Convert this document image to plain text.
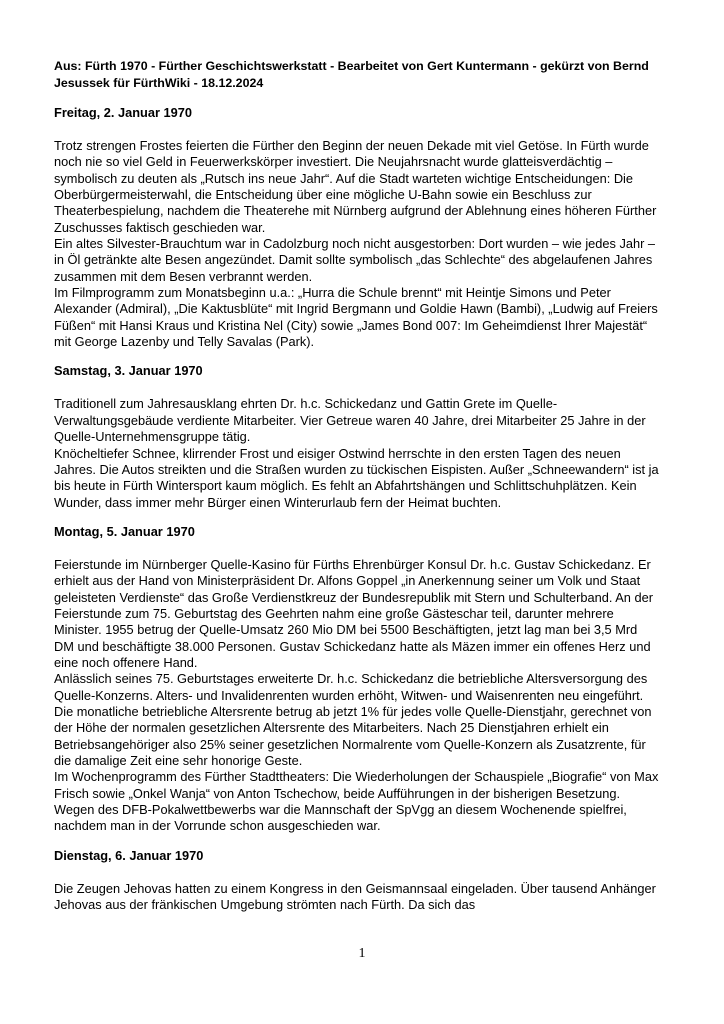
Aus: Fürth 1970 - Fürther Geschichtswerkstatt - Bearbeitet von Gert Kuntermann - gekürzt von Bernd Jesussek für FürthWiki - 18.12.2024

Freitag, 2. Januar 1970

Trotz strengen Frostes feierten die Fürther den Beginn der neuen Dekade mit viel Getöse. In Fürth wurde noch nie so viel Geld in Feuerwerkskörper investiert. Die Neujahrsnacht wurde glatteisverdächtig – symbolisch zu deuten als „Rutsch ins neue Jahr“. Auf die Stadt warteten wichtige Entscheidungen: Die Oberbürgermeisterwahl, die Entscheidung über eine mögliche U-Bahn sowie ein Beschluss zur Theaterbespielung, nachdem die Theaterehe mit Nürnberg aufgrund der Ablehnung eines höheren Fürther Zuschusses faktisch geschieden war.

Ein altes Silvester-Brauchtum war in Cadolzburg noch nicht ausgestorben: Dort wurden – wie jedes Jahr – in Öl getränkte alte Besen angezündet. Damit sollte symbolisch „das Schlechte“ des abgelaufenen Jahres zusammen mit dem Besen verbrannt werden.

Im Filmprogramm zum Monatsbeginn u.a.: „Hurra die Schule brennt“ mit Heintje Simons und Peter Alexander (Admiral), „Die Kaktusblüte“ mit Ingrid Bergmann und Goldie Hawn (Bambi), „Ludwig auf Freiers Füßen“ mit Hansi Kraus und Kristina Nel (City) sowie „James Bond 007: Im Geheimdienst Ihrer Majestät“ mit George Lazenby und Telly Savalas (Park).

Samstag, 3. Januar 1970

Traditionell zum Jahresausklang ehrten Dr. h.c. Schickedanz und Gattin Grete im Quelle-Verwaltungsgebäude verdiente Mitarbeiter. Vier Getreue waren 40 Jahre, drei Mitarbeiter 25 Jahre in der Quelle-Unternehmensgruppe tätig.

Knöcheltiefer Schnee, klirrender Frost und eisiger Ostwind herrschte in den ersten Tagen des neuen Jahres. Die Autos streikten und die Straßen wurden zu tückischen Eispisten. Außer „Schneewandern“ ist ja bis heute in Fürth Wintersport kaum möglich. Es fehlt an Abfahrtshängen und Schlittschuhplätzen. Kein Wunder, dass immer mehr Bürger einen Winterurlaub fern der Heimat buchten.

Montag, 5. Januar 1970

Feierstunde im Nürnberger Quelle-Kasino für Fürths Ehrenbürger Konsul Dr. h.c. Gustav Schickedanz. Er erhielt aus der Hand von Ministerpräsident Dr. Alfons Goppel „in Anerkennung seiner um Volk und Staat geleisteten Verdienste“ das Große Verdienstkreuz der Bundesrepublik mit Stern und Schulterband. An der Feierstunde zum 75. Geburtstag des Geehrten nahm eine große Gästeschar teil, darunter mehrere Minister. 1955 betrug der Quelle-Umsatz 260 Mio DM bei 5500 Beschäftigten, jetzt lag man bei 3,5 Mrd DM und beschäftigte 38.000 Personen. Gustav Schickedanz hatte als Mäzen immer ein offenes Herz und eine noch offenere Hand.

Anlässlich seines 75. Geburtstages erweiterte Dr. h.c. Schickedanz die betriebliche Altersversorgung des Quelle-Konzerns. Alters- und Invalidenrenten wurden erhöht, Witwen- und Waisenrenten neu eingeführt. Die monatliche betriebliche Altersrente betrug ab jetzt 1% für jedes volle Quelle-Dienstjahr, gerechnet von der Höhe der normalen gesetzlichen Altersrente des Mitarbeiters. Nach 25 Dienstjahren erhielt ein Betriebsangehöriger also 25% seiner gesetzlichen Normalrente vom Quelle-Konzern als Zusatzrente, für die damalige Zeit eine sehr honorige Geste.

Im Wochenprogramm des Fürther Stadttheaters: Die Wiederholungen der Schauspiele „Biografie“ von Max Frisch sowie „Onkel Wanja“ von Anton Tschechow, beide Aufführungen in der bisherigen Besetzung.

Wegen des DFB-Pokalwettbewerbs war die Mannschaft der SpVgg an diesem Wochenende spielfrei, nachdem man in der Vorrunde schon ausgeschieden war.

Dienstag, 6. Januar 1970

Die Zeugen Jehovas hatten zu einem Kongress in den Geismannsaal eingeladen. Über tausend Anhänger Jehovas aus der fränkischen Umgebung strömten nach Fürth. Da sich das

1
